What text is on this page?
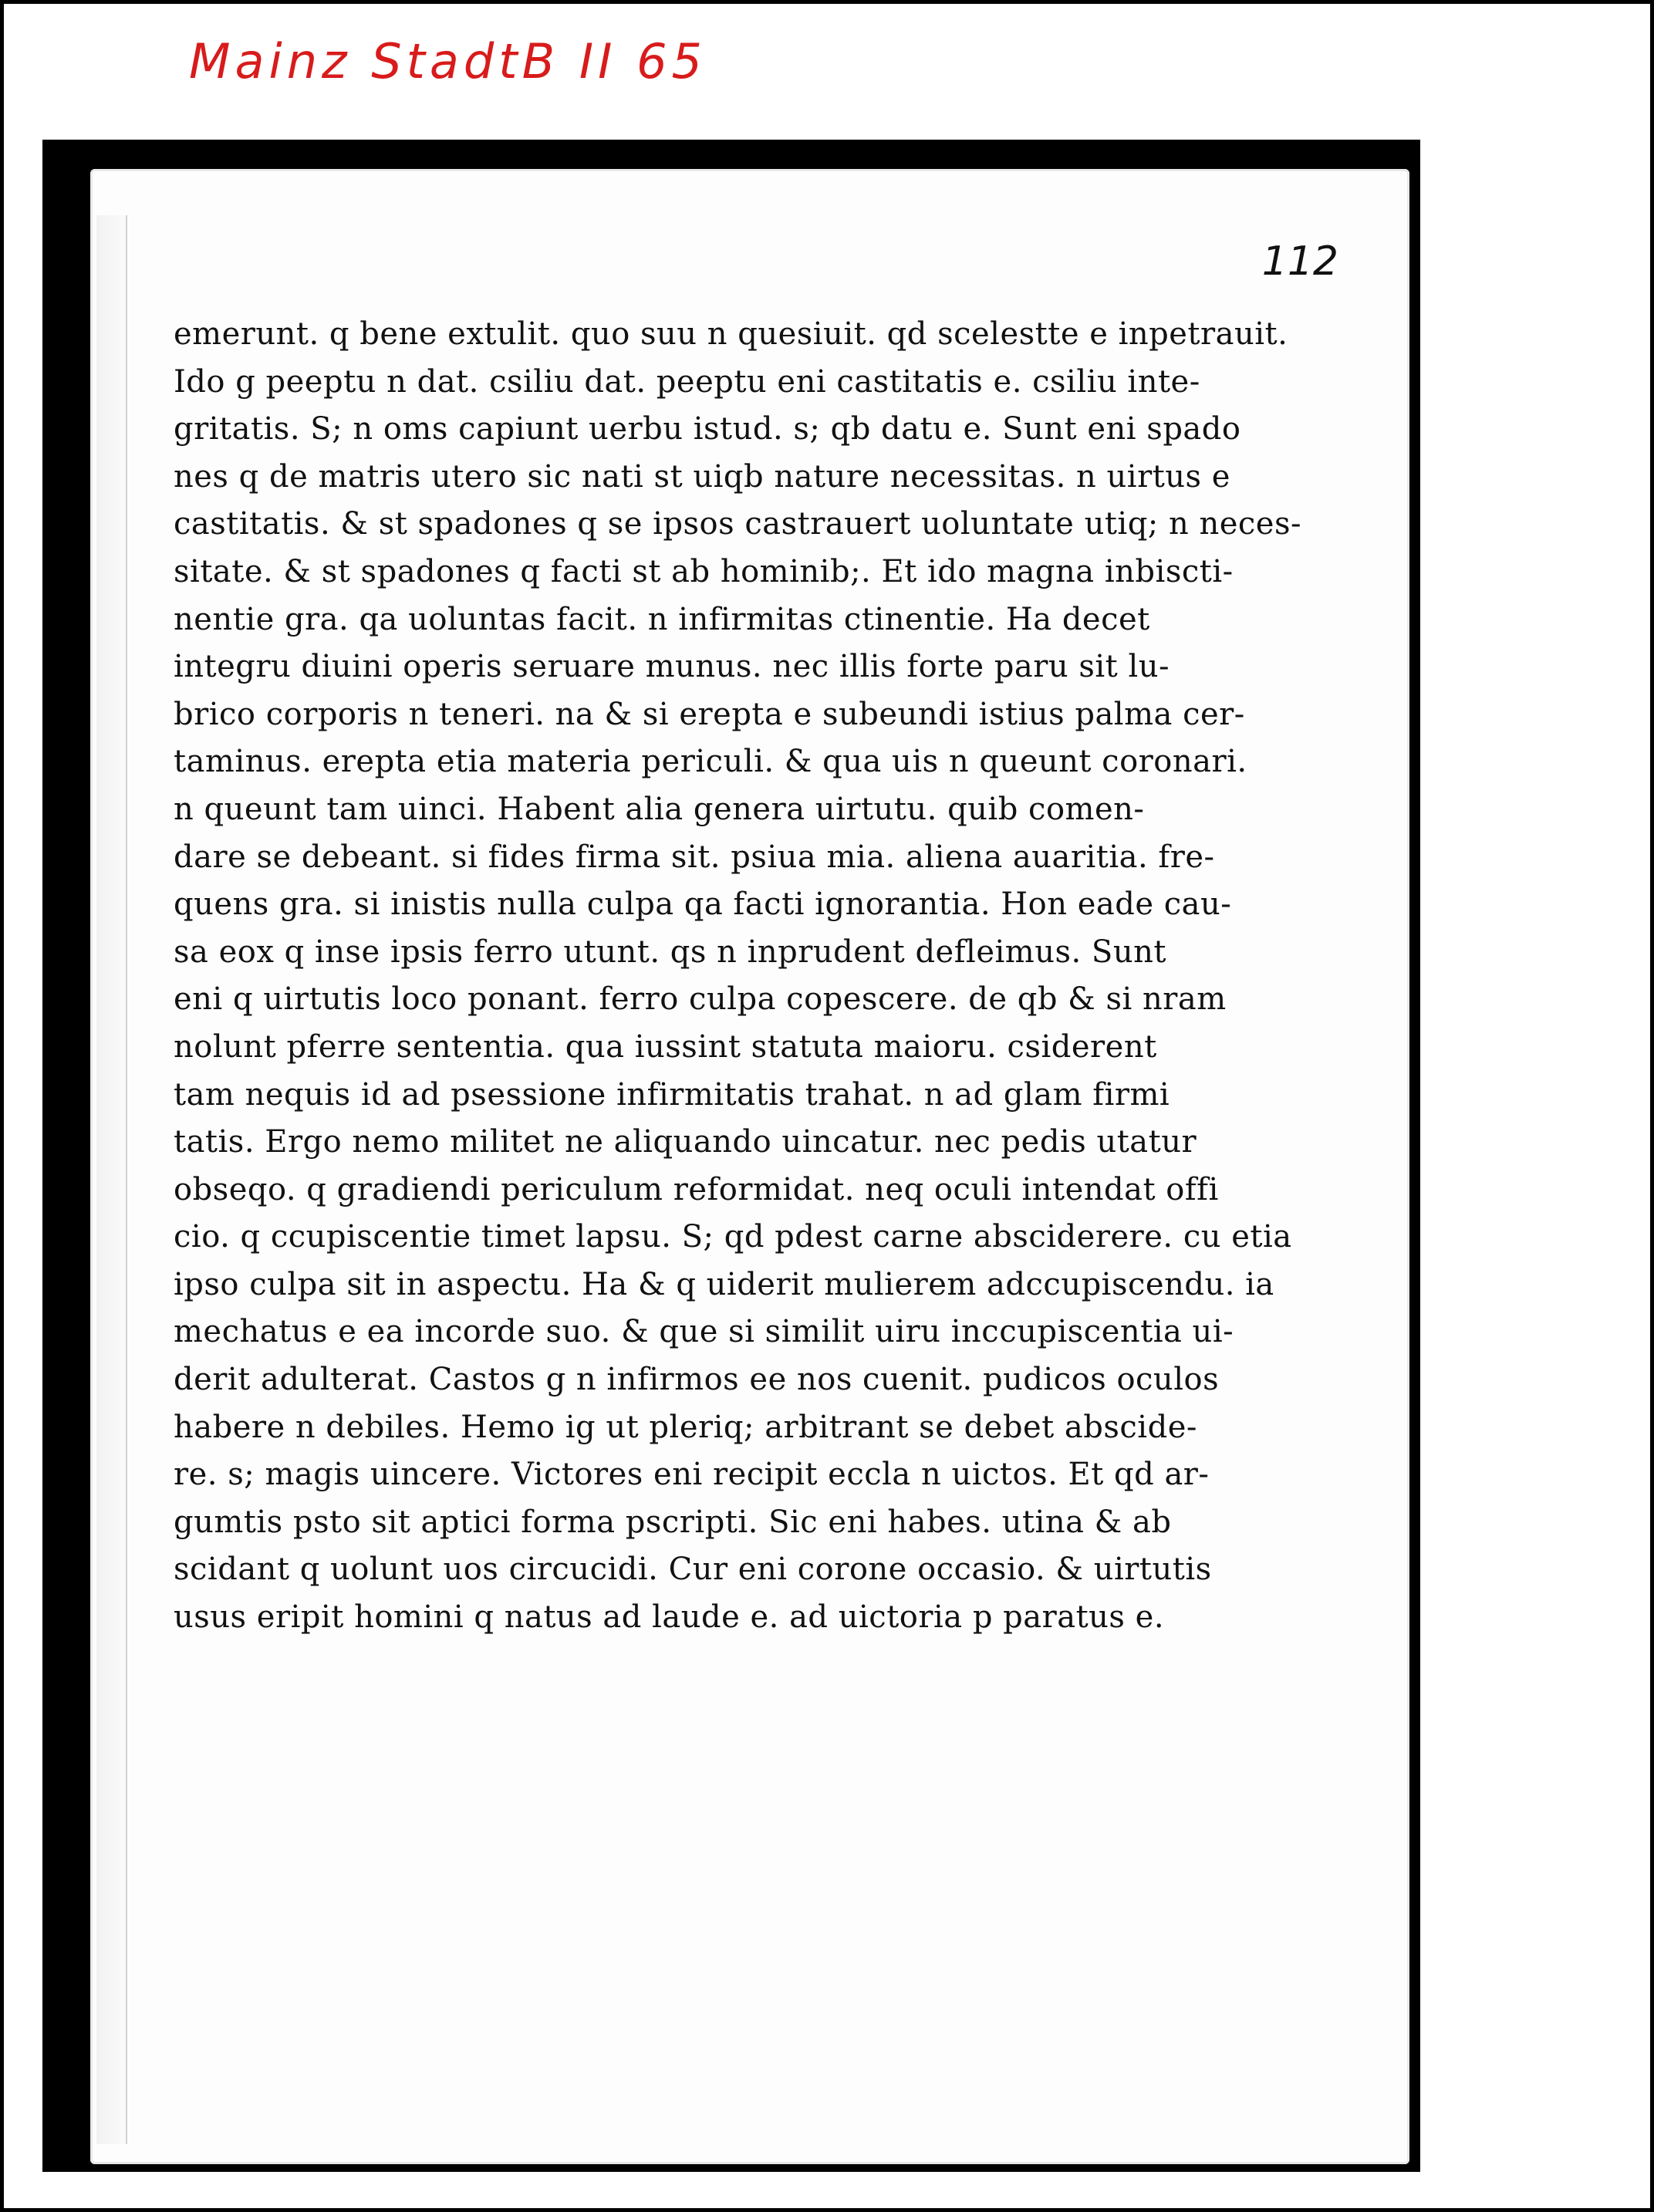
Mainz StadtB II 65
112
emerunt. q bene extulit. quo suu n quesiuit. qd scelestte e inpetrauit.
Ido g peeptu n dat. csiliu dat. peeptu eni castitatis e. csiliu inte-
gritatis. S; n oms capiunt uerbu istud. s; qb datu e. Sunt eni spado
nes q de matris utero sic nati st uiqb nature necessitas. n uirtus e
castitatis. & st spadones q se ipsos castrauert uoluntate utiq; n neces-
sitate. & st spadones q facti st ab hominib;. Et ido magna inbiscti-
nentie gra. qa uoluntas facit. n infirmitas ctinentie. Ha decet
integru diuini operis seruare munus. nec illis forte paru sit lu-
brico corporis n teneri. na & si erepta e subeundi istius palma cer-
taminus. erepta etia materia periculi. & qua uis n queunt coronari.
n queunt tam uinci. Habent alia genera uirtutu. quib comen-
dare se debeant. si fides firma sit. psiua mia. aliena auaritia. fre-
quens gra. si inistis nulla culpa qa facti ignorantia. Hon eade cau-
sa eox q inse ipsis ferro utunt. qs n inprudent defleimus. Sunt
eni q uirtutis loco ponant. ferro culpa copescere. de qb & si nram
nolunt pferre sententia. qua iussint statuta maioru. csiderent
tam nequis id ad psessione infirmitatis trahat. n ad glam firmi
tatis. Ergo nemo militet ne aliquando uincatur. nec pedis utatur
obseqo. q gradiendi periculum reformidat. neq oculi intendat offi
cio. q ccupiscentie timet lapsu. S; qd pdest carne absciderere. cu etia
ipso culpa sit in aspectu. Ha & q uiderit mulierem adccupiscendu. ia
mechatus e ea incorde suo. & que si similit uiru inccupiscentia ui-
derit adulterat. Castos g n infirmos ee nos cuenit. pudicos oculos
habere n debiles. Hemo ig ut pleriq; arbitrant se debet abscide-
re. s; magis uincere. Victores eni recipit eccla n uictos. Et qd ar-
gumtis psto sit aptici forma pscripti. Sic eni habes. utina & ab
scidant q uolunt uos circucidi. Cur eni corone occasio. & uirtutis
usus eripit homini q natus ad laude e. ad uictoria p paratus e.
